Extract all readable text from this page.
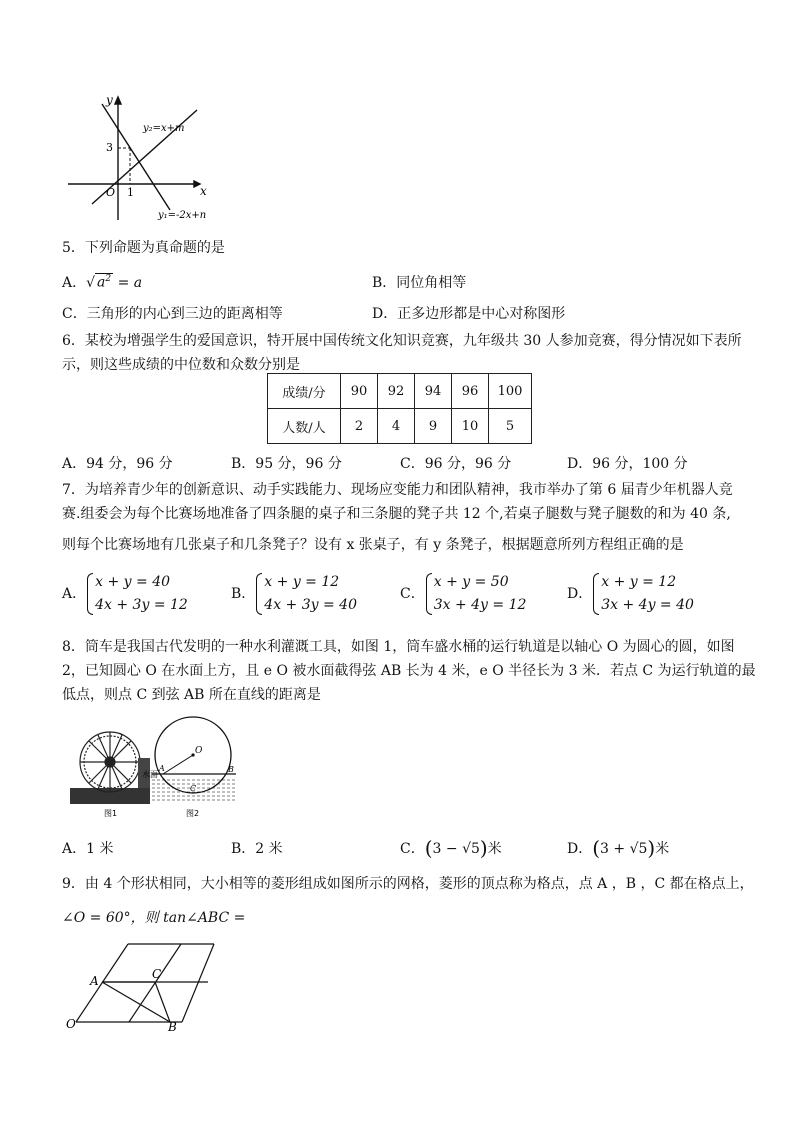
y
x
y₂=x+m
y₁=-2x+n
3
1
O
5．下列命题为真命题的是
A．√ $a^2 = a$	B．同位角相等
C．三角形的内心到三边的距离相等	D．正多边形都是中心对称图形
6．某校为增强学生的爱国意识，特开展中国传统文化知识竞赛，九年级共 30 人参加竞赛，得分情况如下表所
示，则这些成绩的中位数和众数分别是
成绩/分	90	92	94	96	100
人数/人	2	4	9	10	5
A．94 分，96 分	B．95 分，96 分	C．96 分，96 分	D．96 分，100 分
7．为培养青少年的创新意识、动手实践能力、现场应变能力和团队精神，我市举办了第 6 届青少年机器人竞
赛.组委会为每个比赛场地准备了四条腿的桌子和三条腿的凳子共 12 个,若桌子腿数与凳子腿数的和为 40 条,
则每个比赛场地有几张桌子和几条凳子？设有 x 张桌子，有 y 条凳子，根据题意所列方程组正确的是
A．x + y = 40
4x + 3y = 12
B．x + y = 12
4x + 3y = 40
C．x + y = 50
3x + 4y = 12
D．x + y = 12
3x + 4y = 40
8．筒车是我国古代发明的一种水利灌溉工具，如图 1，筒车盛水桶的运行轨道是以轴心 O 为圆心的圆，如图
2，已知圆心 O 在水面上方，且 e O 被水面截得弦 AB 长为 4 米，e O 半径长为 3 米．若点 C 为运行轨道的最
低点，则点 C 到弦 AB 所在直线的距离是
图1
O
A	B
C
水面
图2
A．1 米	B．2 米	C．(3 − √5)米	D．(3 + √5)米
9．由 4 个形状相同，大小相等的菱形组成如图所示的网格，菱形的顶点称为格点，点 A ，B ，C 都在格点上，
∠O = 60°，则 tan∠ABC =
A	C
O	B
